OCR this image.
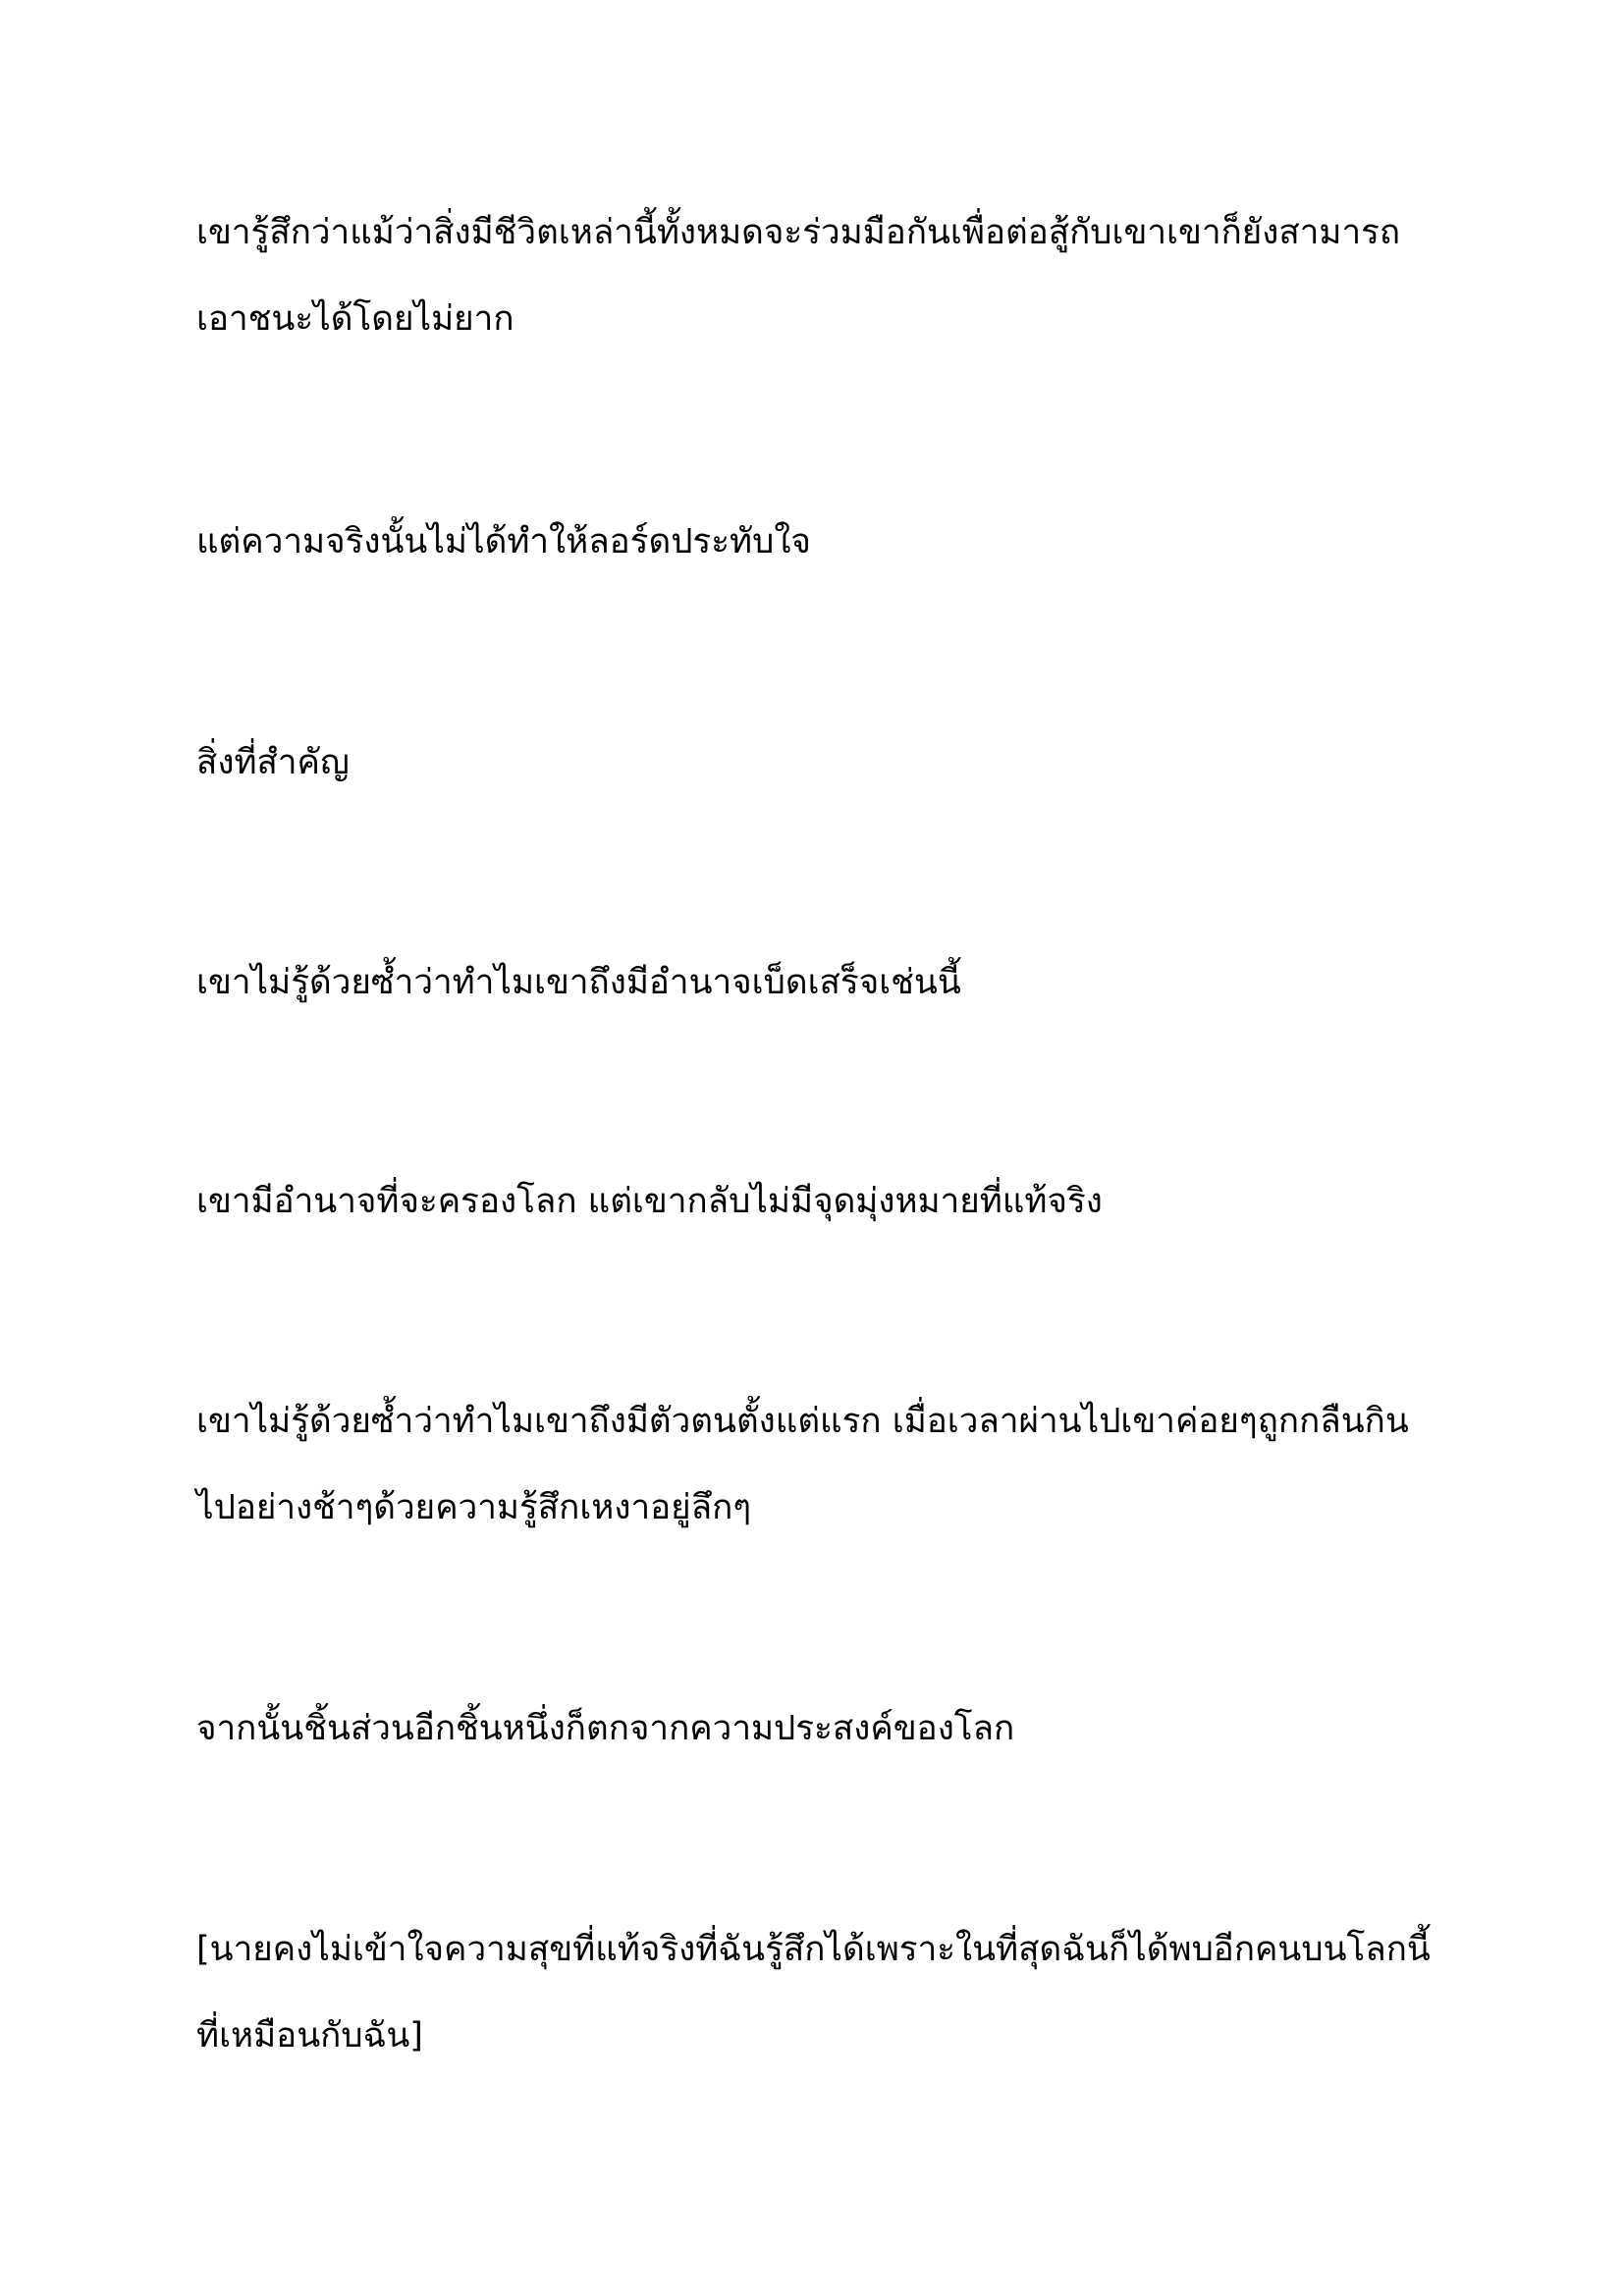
เขารู้สึกว่าแม้ว่าสิ่งมีชีวิตเหล่านี้ทั้งหมดจะร่วมมือกันเพื่อต่อสู้กับเขาเขาก็ยังสามารถ
เอาชนะได้โดยไม่ยาก

แต่ความจริงนั้นไม่ได้ทำให้ลอร์ดประทับใจ

สิ่งที่สำคัญ

เขาไม่รู้ด้วยซ้ำว่าทำไมเขาถึงมีอำนาจเบ็ดเสร็จเช่นนี้

เขามีอำนาจที่จะครองโลก แต่เขากลับไม่มีจุดมุ่งหมายที่แท้จริง

เขาไม่รู้ด้วยซ้ำว่าทำไมเขาถึงมีตัวตนตั้งแต่แรก เมื่อเวลาผ่านไปเขาค่อยๆถูกกลืนกิน
ไปอย่างช้าๆด้วยความรู้สึกเหงาอยู่ลึกๆ

จากนั้นชิ้นส่วนอีกชิ้นหนึ่งก็ตกจากความประสงค์ของโลก

[นายคงไม่เข้าใจความสุขที่แท้จริงที่ฉันรู้สึกได้เพราะในที่สุดฉันก็ได้พบอีกคนบนโลกนี้
ที่เหมือนกับฉัน]
